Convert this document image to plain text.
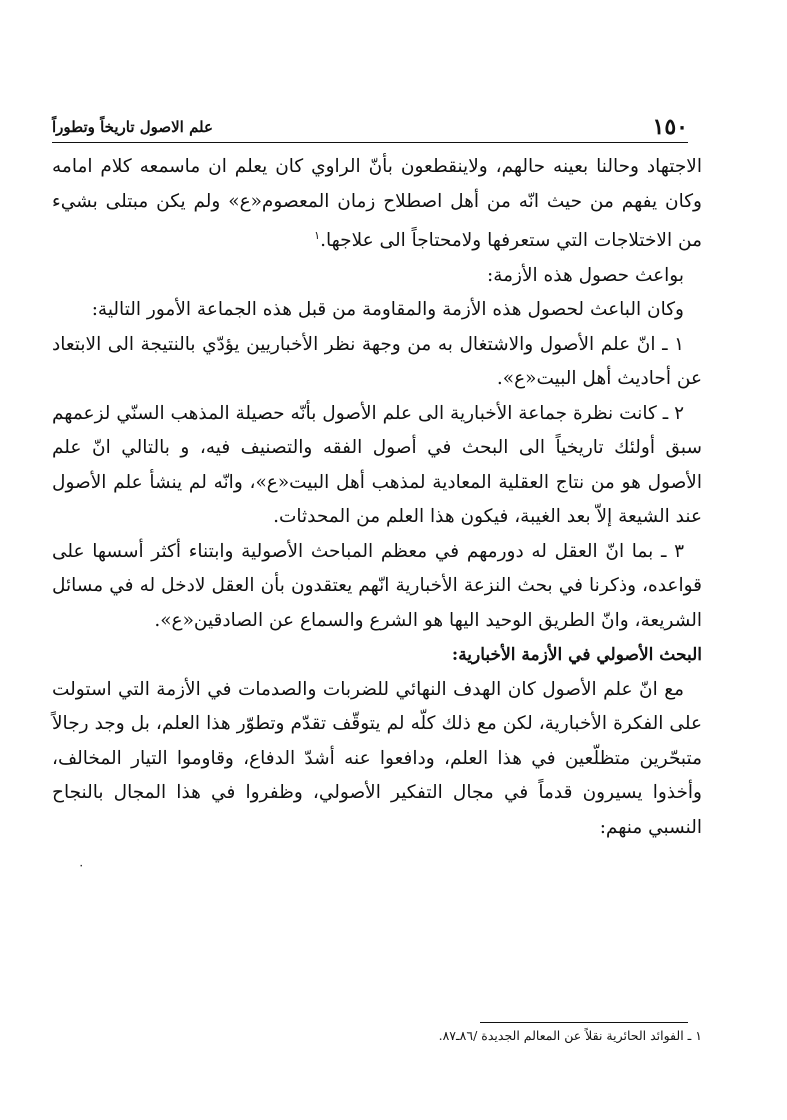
١٥٠
علم الاصول تاريخاً وتطوراً

الاجتهاد وحالنا بعينه حالهم، ولاينقطعون بأنّ الراوي كان يعلم ان ماسمعه كلام امامه وكان يفهم من حيث انّه من أهل اصطلاح زمان المعصوم«ع» ولم يكن مبتلى بشيء من الاختلاجات التي ستعرفها ولامحتاجاً الى علاجها.$^١$

بواعث حصول هذه الأزمة:

وكان الباعث لحصول هذه الأزمة والمقاومة من قبل هذه الجماعة الأمور التالية:

١ ـ انّ علم الأصول والاشتغال به من وجهة نظر الأخباريين يؤدّي بالنتيجة الى الابتعاد عن أحاديث أهل البيت«ع».

٢ ـ كانت نظرة جماعة الأخبارية الى علم الأصول بأنّه حصيلة المذهب السنّي لزعمهم سبق أولئك تاريخياً الى البحث في أصول الفقه والتصنيف فيه، و بالتالي انّ علم الأصول هو من نتاج العقلية المعادية لمذهب أهل البيت«ع»، وانّه لم ينشأ علم الأصول عند الشيعة إلاّ بعد الغيبة، فيكون هذا العلم من المحدثات.

٣ ـ بما انّ العقل له دورمهم في معظم المباحث الأصولية وابتناء أكثر أسسها على قواعده، وذكرنا في بحث النزعة الأخبارية انّهم يعتقدون بأن العقل لادخل له في مسائل الشريعة، وانّ الطريق الوحيد اليها هو الشرع والسماع عن الصادقين«ع».

البحث الأصولي في الأزمة الأخبارية:

مع انّ علم الأصول كان الهدف النهائي للضربات والصدمات في الأزمة التي استولت على الفكرة الأخبارية، لكن مع ذلك كلّه لم يتوقّف تقدّم وتطوّر هذا العلم، بل وجد رجالاً متبحّرين متظلّعين في هذا العلم، ودافعوا عنه أشدّ الدفاع، وقاوموا التيار المخالف، وأخذوا يسيرون قدماً في مجال التفكير الأصولي، وظفروا في هذا المجال بالنجاح النسبي منهم:

٠
١ ـ الفوائد الحائرية نقلاً عن المعالم الجديدة /٨٦ـ٨٧.
